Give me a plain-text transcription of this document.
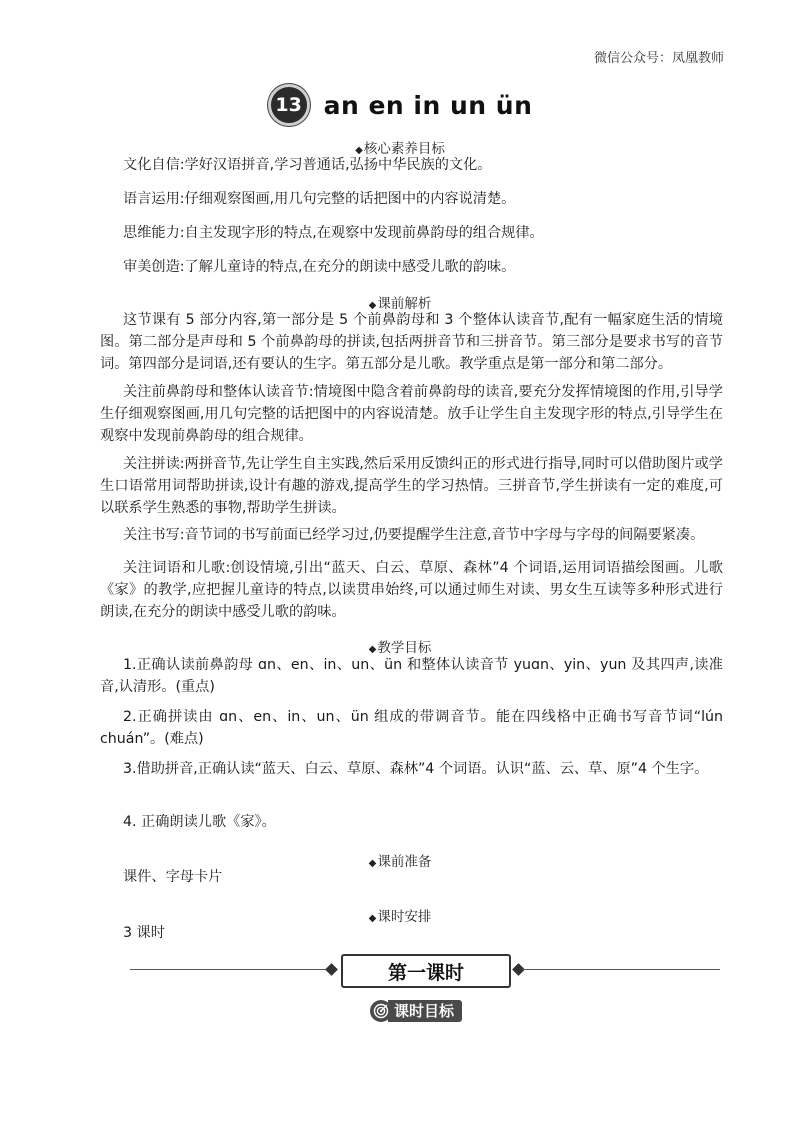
微信公众号：凤凰教师
13 an en in un ün
◆核心素养目标
文化自信:学好汉语拼音,学习普通话,弘扬中华民族的文化。
语言运用:仔细观察图画,用几句完整的话把图中的内容说清楚。
思维能力:自主发现字形的特点,在观察中发现前鼻韵母的组合规律。
审美创造:了解儿童诗的特点,在充分的朗读中感受儿歌的韵味。
◆课前解析
这节课有 5 部分内容,第一部分是 5 个前鼻韵母和 3 个整体认读音节,配有一幅家庭生活的情境图。第二部分是声母和 5 个前鼻韵母的拼读,包括两拼音节和三拼音节。第三部分是要求书写的音节词。第四部分是词语,还有要认的生字。第五部分是儿歌。教学重点是第一部分和第二部分。
关注前鼻韵母和整体认读音节:情境图中隐含着前鼻韵母的读音,要充分发挥情境图的作用,引导学生仔细观察图画,用几句完整的话把图中的内容说清楚。放手让学生自主发现字形的特点,引导学生在观察中发现前鼻韵母的组合规律。
关注拼读:两拼音节,先让学生自主实践,然后采用反馈纠正的形式进行指导,同时可以借助图片或学生口语常用词帮助拼读,设计有趣的游戏,提高学生的学习热情。三拼音节,学生拼读有一定的难度,可以联系学生熟悉的事物,帮助学生拼读。
关注书写:音节词的书写前面已经学习过,仍要提醒学生注意,音节中字母与字母的间隔要紧凑。
关注词语和儿歌:创设情境,引出“蓝天、白云、草原、森林”4 个词语,运用词语描绘图画。儿歌《家》的教学,应把握儿童诗的特点,以读贯串始终,可以通过师生对读、男女生互读等多种形式进行朗读,在充分的朗读中感受儿歌的韵味。
◆教学目标
1.正确认读前鼻韵母 ɑn、en、in、un、ün 和整体认读音节 yuɑn、yin、yun 及其四声,读准音,认清形。(重点)
2.正确拼读由 ɑn、en、in、un、ün 组成的带调音节。能在四线格中正确书写音节词“lún chuán”。(难点)
3.借助拼音,正确认读“蓝天、白云、草原、森林”4 个词语。认识“蓝、云、草、原”4 个生字。
4. 正确朗读儿歌《家》。
◆课前准备
课件、字母卡片
◆课时安排
3 课时
第一课时
课时目标
